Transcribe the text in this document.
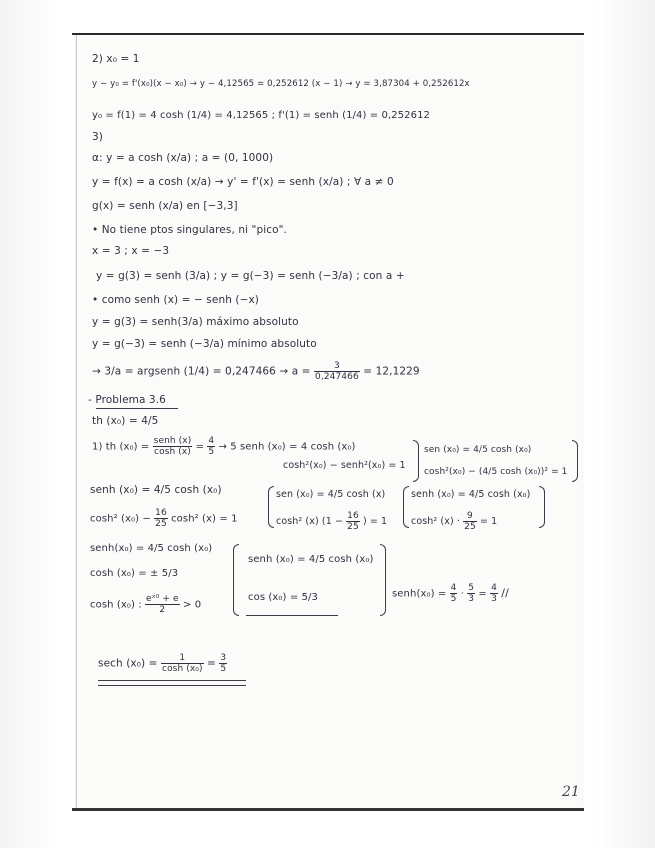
2) x₀ = 1
y − y₀ = f'(x₀)(x − x₀) → y − 4,12565 = 0,252612 (x − 1) → y = 3,87304 + 0,252612x
y₀ = f(1) = 4 cosh (1/4) = 4,12565 ; f'(1) = senh (1/4) = 0,252612
3)
α: y = a cosh (x/a) ; a = (0, 1000)
y = f(x) = a cosh (x/a) → y' = f'(x) = senh (x/a) ; ∀ a ≠ 0
g(x) = senh (x/a) en [−3,3]
• No tiene ptos singulares, ni "pico".
x = 3 ; x = −3
y = g(3) = senh (3/a) ; y = g(−3) = senh (−3/a) ; con a +
• como senh (x) = − senh (−x)
y = g(3) = senh(3/a) máximo absoluto
y = g(−3) = senh (−3/a) mínimo absoluto
→ 3/a = argsenh $(1/4) = 0,247466 \to a = \frac{3}{0,247466} = 12,1229$
- Problema 3.6
th (x₀) = 4/5
1) th $(x_0) = \frac{\text{senh (x)}}{\cosh (x)} = \frac{4}{5} \to 5$ senh (x₀) = 4 cosh (x₀)
cosh²(x₀) − senh²(x₀) = 1
sen (x₀) = 4/5 cosh (x₀)
cosh²(x₀) − (4/5 cosh (x₀))² = 1
senh (x₀) = 4/5 cosh (x₀)
cosh² $(x_0) - \frac{16}{25} \cosh^2$ (x) = 1
sen (x₀) = 4/5 cosh (x)
cosh² (x) ($1 - \frac{16}{25}$ ) = 1
senh (x₀) = 4/5 cosh (x₀)
cosh² $(x) \cdot \frac{9}{25} = 1$
senh(x₀) = 4/5 cosh (x₀)
cosh (x₀) = ± 5/3
cosh (x₀) : $\frac{\text{eˣ⁰ + e}}{2} > 0$
senh (x₀) = 4/5 cosh (x₀)
cos (x₀) = 5/3	senh(x₀) = $\frac{4}{5} \cdot \frac{5}{3} = \frac{4}{3}$ //
sech $(x_0) = \frac{1}{\text{cosh (x₀)}} = \frac{3}{5}$
21
